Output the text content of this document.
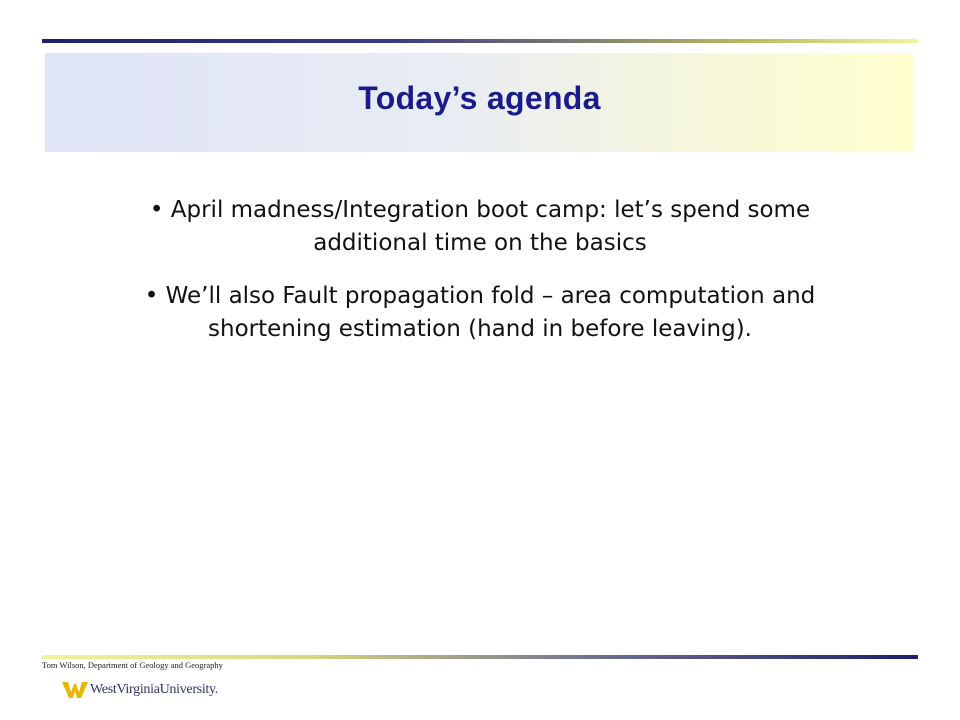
Today’s agenda

• April madness/Integration boot camp: let’s spend some additional time on the basics

• We’ll also Fault propagation fold – area computation and shortening estimation (hand in before leaving).

Tom Wilson, Department of Geology and Geography
WestVirginiaUniversity.
